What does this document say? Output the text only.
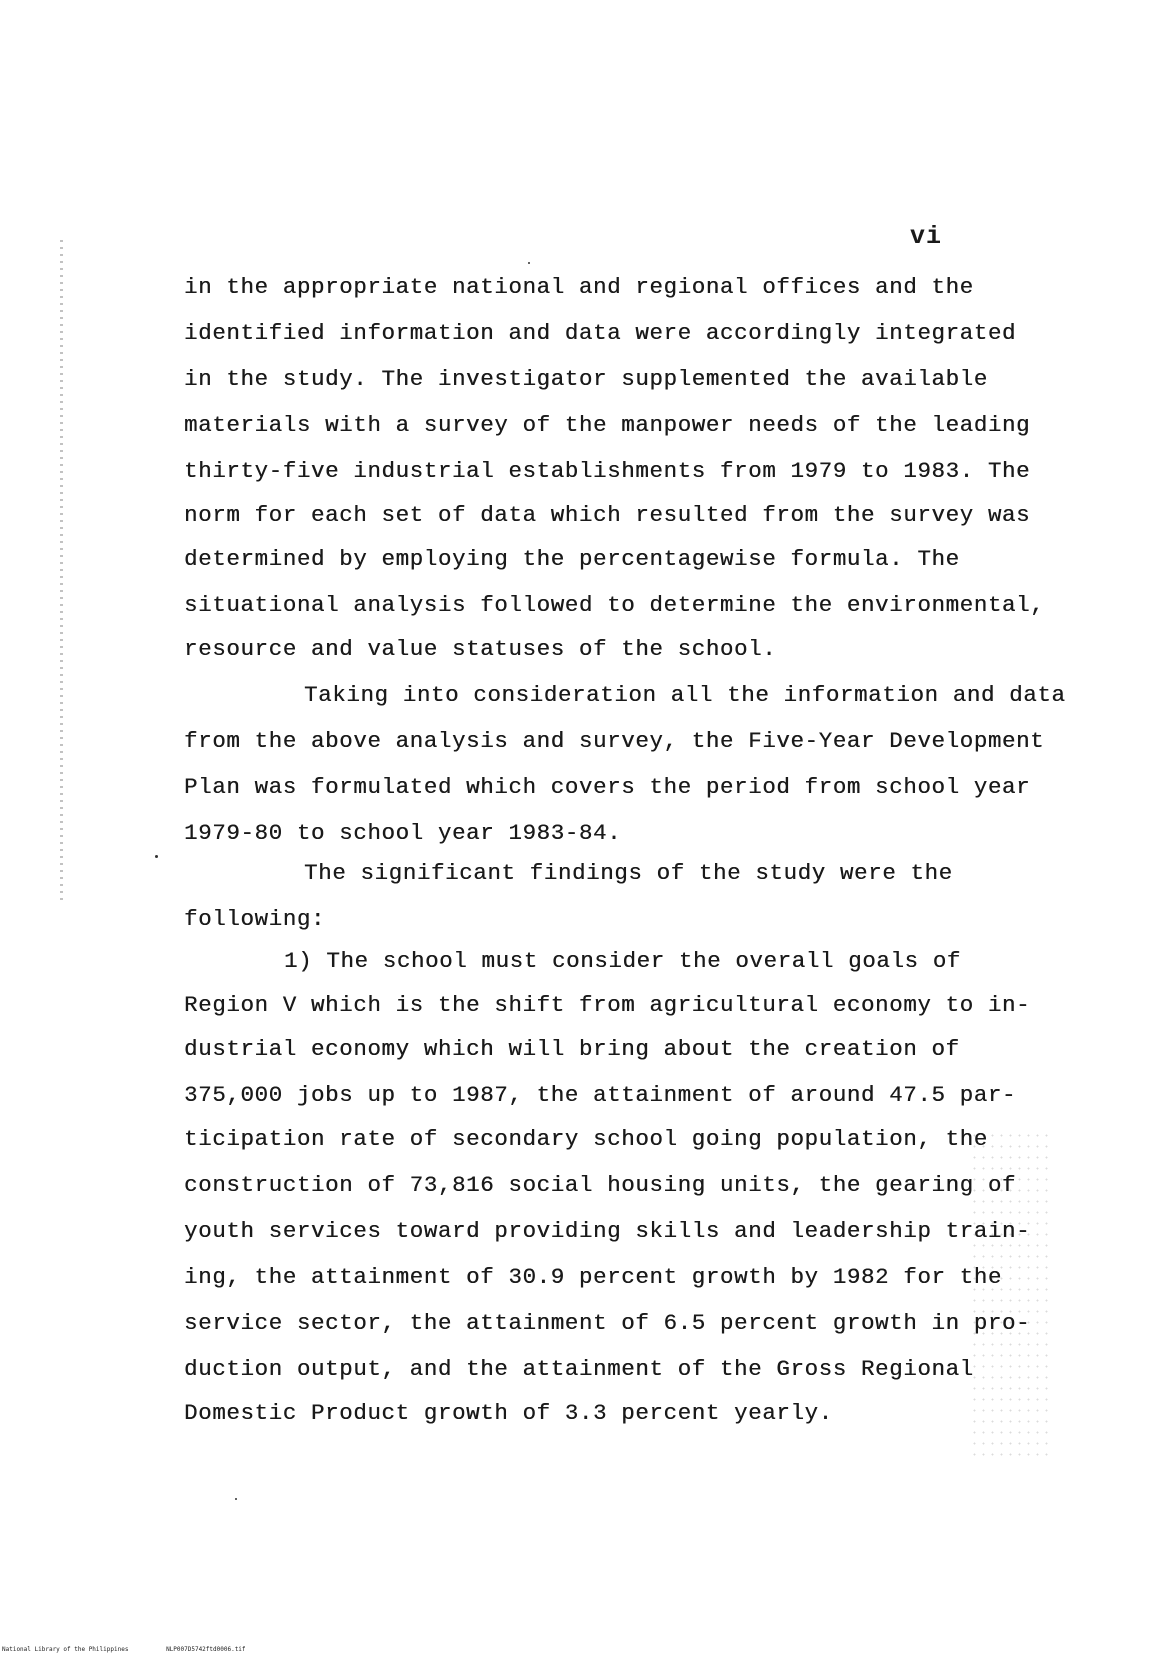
vi
in the appropriate national and regional offices and the
identified information and data were accordingly integrated
in the study. The investigator supplemented the available
materials with a survey of the manpower needs of the leading
thirty-five industrial establishments from 1979 to 1983. The
norm for each set of data which resulted from the survey was
determined by employing the percentagewise formula. The
situational analysis followed to determine the environmental,
resource and value statuses of the school.
Taking into consideration all the information and data
from the above analysis and survey, the Five-Year Development
Plan was formulated which covers the period from school year
1979-80 to school year 1983-84.
The significant findings of the study were the
following:
1) The school must consider the overall goals of
Region V which is the shift from agricultural economy to in-
dustrial economy which will bring about the creation of
375,000 jobs up to 1987, the attainment of around 47.5 par-
ticipation rate of secondary school going population, the
construction of 73,816 social housing units, the gearing of
youth services toward providing skills and leadership train-
ing, the attainment of 30.9 percent growth by 1982 for the
service sector, the attainment of 6.5 percent growth in pro-
duction output, and the attainment of the Gross Regional
Domestic Product growth of 3.3 percent yearly.
National Library of the Philippines	NLP007D5742ftd0006.tif
